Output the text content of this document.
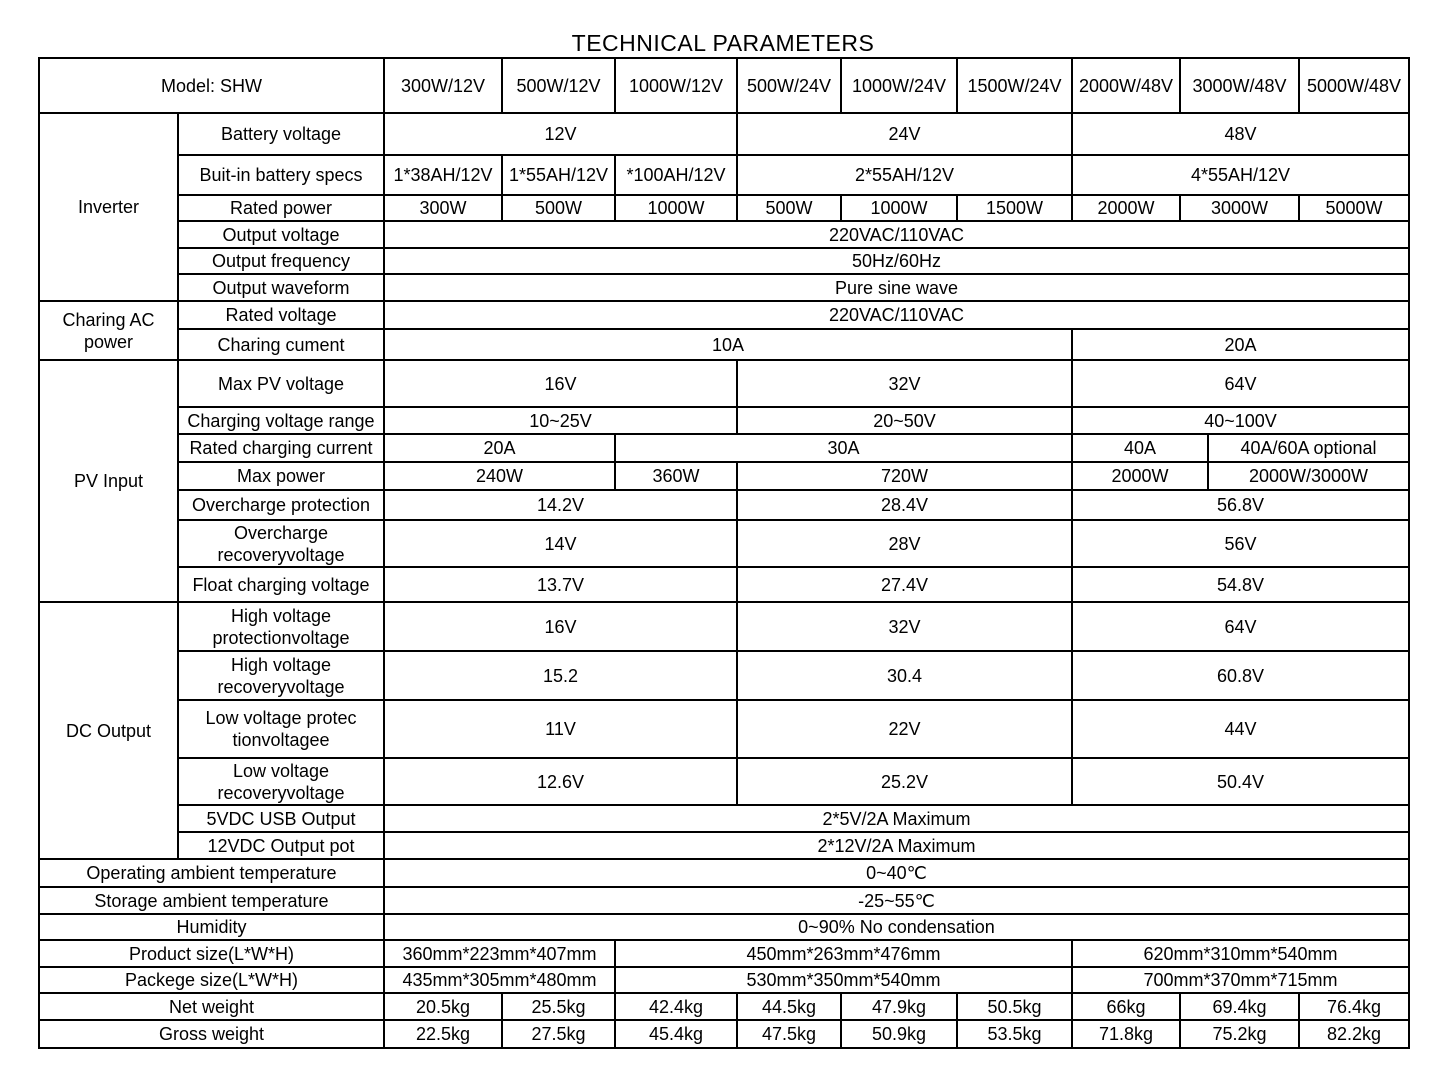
TECHNICAL PARAMETERS
Model: SHW		300W/12V	500W/12V	1000W/12V	500W/24V	1000W/24V	1500W/24V	2000W/48V	3000W/48V	5000W/48V
Inverter	Battery voltage	12V			24V			48V		
	Buit-in battery specs	1*38AH/12V	1*55AH/12V	*100AH/12V	2*55AH/12V			4*55AH/12V		
	Rated power	300W	500W	1000W	500W	1000W	1500W	2000W	3000W	5000W
	Output voltage	220VAC/110VAC								
	Output frequency	50Hz/60Hz								
	Output waveform	Pure sine wave								
Charing AC
power	Rated voltage	220VAC/110VAC								
	Charing cument	10A						20A		
PV Input	Max PV voltage	16V			32V			64V		
	Charging voltage range	10~25V			20~50V			40~100V		
	Rated charging current	20A		30A				40A 40A/60A optional		

	Max power	240W		360W	720W			2000W 2000W/3000W		

	Overcharge protection	14.2V			28.4V			56.8V		
	Overcharge
recoveryvoltage	14V			28V			56V		
	Float charging voltage	13.7V			27.4V			54.8V		
DC Output	High voltage
protectionvoltage	16V			32V			64V		
	High voltage
recoveryvoltage	15.2			30.4			60.8V		
	Low voltage protec
tionvoltagee	11V			22V			44V		
	Low voltage
recoveryvoltage	12.6V			25.2V			50.4V		
	5VDC USB Output	2*5V/2A Maximum								
	12VDC Output pot	2*12V/2A Maximum								
Operating ambient temperature		0~40℃								
Storage ambient temperature		-25~55℃								
Humidity		0~90% No condensation								
Product size(L*W*H)		360mm*223mm*407mm		450mm*263mm*476mm				620mm*310mm*540mm		
Packege size(L*W*H)		435mm*305mm*480mm		530mm*350mm*540mm				700mm*370mm*715mm		
Net weight		20.5kg	25.5kg	42.4kg	44.5kg	47.9kg	50.5kg	66kg	69.4kg	76.4kg
Gross weight		22.5kg	27.5kg	45.4kg	47.5kg	50.9kg	53.5kg	71.8kg	75.2kg	82.2kg
